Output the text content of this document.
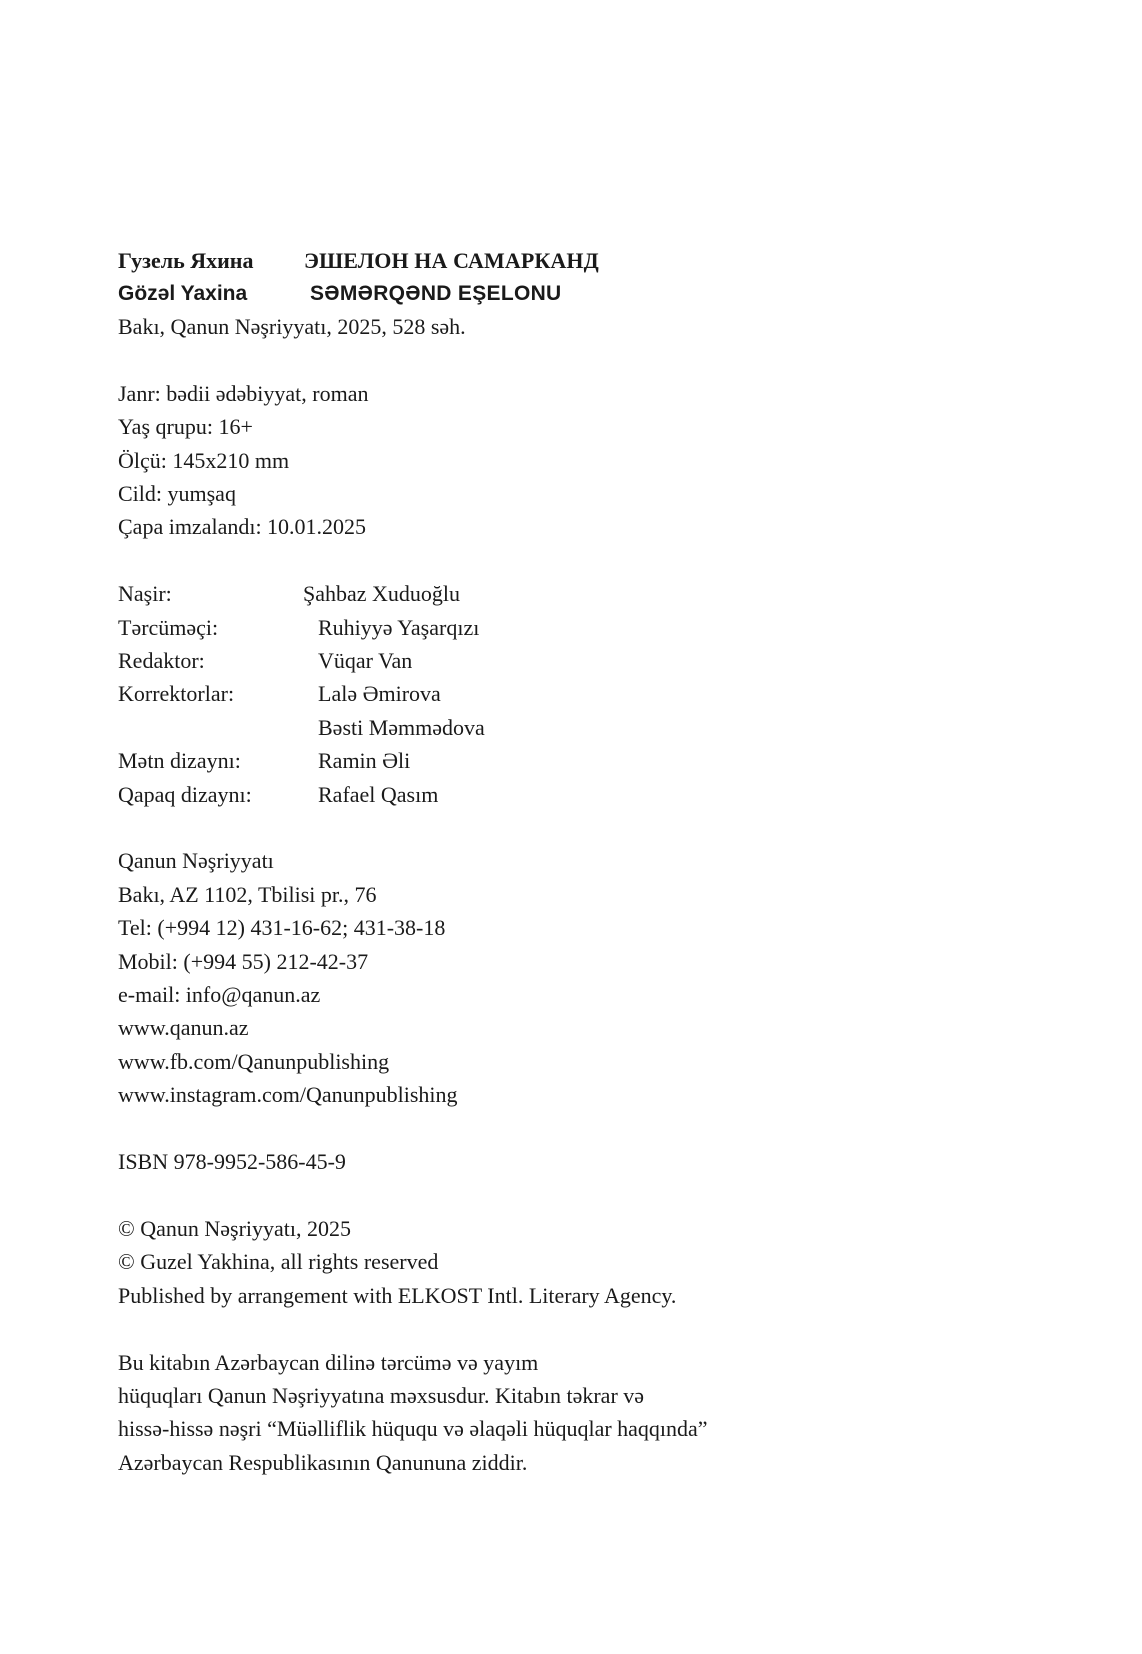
Гузель Яхина	ЭШЕЛОН НА САМАРКАНД
Gözəl Yaxina	SƏMƏRQƏND EŞELONU
Bakı, Qanun Nəşriyyatı, 2025, 528 səh.
Janr: bədii ədəbiyyat, roman
Yaş qrupu: 16+
Ölçü: 145x210 mm
Cild: yumşaq
Çapa imzalandı: 10.01.2025
Naşir:	Şahbaz Xuduoğlu
Tərcüməçi:	Ruhiyyə Yaşarqızı
Redaktor:	Vüqar Van
Korrektorlar:	Lalə Əmirova
Bəsti Məmmədova
Mətn dizaynı:	Ramin Əli
Qapaq dizaynı:	Rafael Qasım
Qanun Nəşriyyatı
Bakı, AZ 1102, Tbilisi pr., 76
Tel: (+994 12) 431-16-62; 431-38-18
Mobil: (+994 55) 212-42-37
e-mail: info@qanun.az
www.qanun.az
www.fb.com/Qanunpublishing
www.instagram.com/Qanunpublishing
ISBN 978-9952-586-45-9
© Qanun Nəşriyyatı, 2025
© Guzel Yakhina, all rights reserved
Published by arrangement with ELKOST Intl. Literary Agency.
Bu kitabın Azərbaycan dilinə tərcümə və yayım
hüquqları Qanun Nəşriyyatına məxsusdur. Kitabın təkrar və
hissə-hissə nəşri “Müəlliflik hüququ və əlaqəli hüquqlar haqqında”
Azərbaycan Respublikasının Qanununa ziddir.
